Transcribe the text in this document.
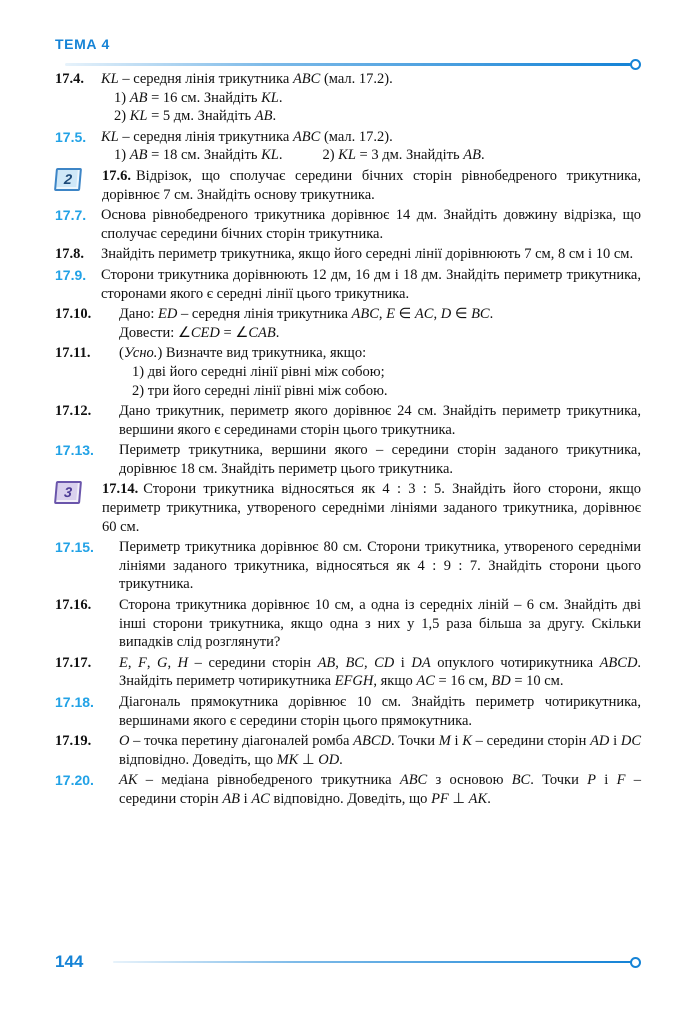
ТЕМА 4
17.4.	KL – середня лінія трикутника ABC (мал. 17.2).
1) AB = 16 см. Знайдіть KL.
2) KL = 5 дм. Знайдіть AB.
17.5.	KL – середня лінія трикутника ABC (мал. 17.2).
1) AB = 18 см. Знайдіть KL.	2) KL = 3 дм. Знайдіть AB.
2	17.6. Відрізок, що сполучає середини бічних сторін рівнобедреного трикутника, дорівнює 7 см. Знайдіть основу трикутника.
17.7.	Основа рівнобедреного трикутника дорівнює 14 дм. Знайдіть довжину відрізка, що сполучає середини бічних сторін трикутника.
17.8.	Знайдіть периметр трикутника, якщо його середні лінії дорівнюють 7 см, 8 см і 10 см.
17.9.	Сторони трикутника дорівнюють 12 дм, 16 дм і 18 дм. Знайдіть периметр трикутника, сторонами якого є середні лінії цього трикутника.
17.10.	Дано: ED – середня лінія трикутника ABC, E ∈ AC, D ∈ BC.
Довести: ∠CED = ∠CAB.
17.11.	(Усно.) Визначте вид трикутника, якщо:
1) дві його середні лінії рівні між собою;
2) три його середні лінії рівні між собою.
17.12.	Дано трикутник, периметр якого дорівнює 24 см. Знайдіть периметр трикутника, вершини якого є серединами сторін цього трикутника.
17.13.	Периметр трикутника, вершини якого – середини сторін заданого трикутника, дорівнює 18 см. Знайдіть периметр цього трикутника.
3	17.14. Сторони трикутника відносяться як 4 : 3 : 5. Знайдіть його сторони, якщо периметр трикутника, утвореного середніми лініями заданого трикутника, дорівнює 60 см.
17.15.	Периметр трикутника дорівнює 80 см. Сторони трикутника, утвореного середніми лініями заданого трикутника, відносяться як 4 : 9 : 7. Знайдіть сторони цього трикутника.
17.16.	Сторона трикутника дорівнює 10 см, а одна із середніх ліній – 6 см. Знайдіть дві інші сторони трикутника, якщо одна з них у 1,5 раза більша за другу. Скільки випадків слід розглянути?
17.17.	E, F, G, H – середини сторін AB, BC, CD і DA опуклого чотирикутника ABCD. Знайдіть периметр чотирикутника EFGH, якщо AC = 16 см, BD = 10 см.
17.18.	Діагональ прямокутника дорівнює 10 см. Знайдіть периметр чотирикутника, вершинами якого є середини сторін цього прямокутника.
17.19.	O – точка перетину діагоналей ромба ABCD. Точки M і K – середини сторін AD і DC відповідно. Доведіть, що MK ⊥ OD.
17.20.	AK – медіана рівнобедреного трикутника ABC з основою BC. Точки P і F – середини сторін AB і AC відповідно. Доведіть, що PF ⊥ AK.
144
